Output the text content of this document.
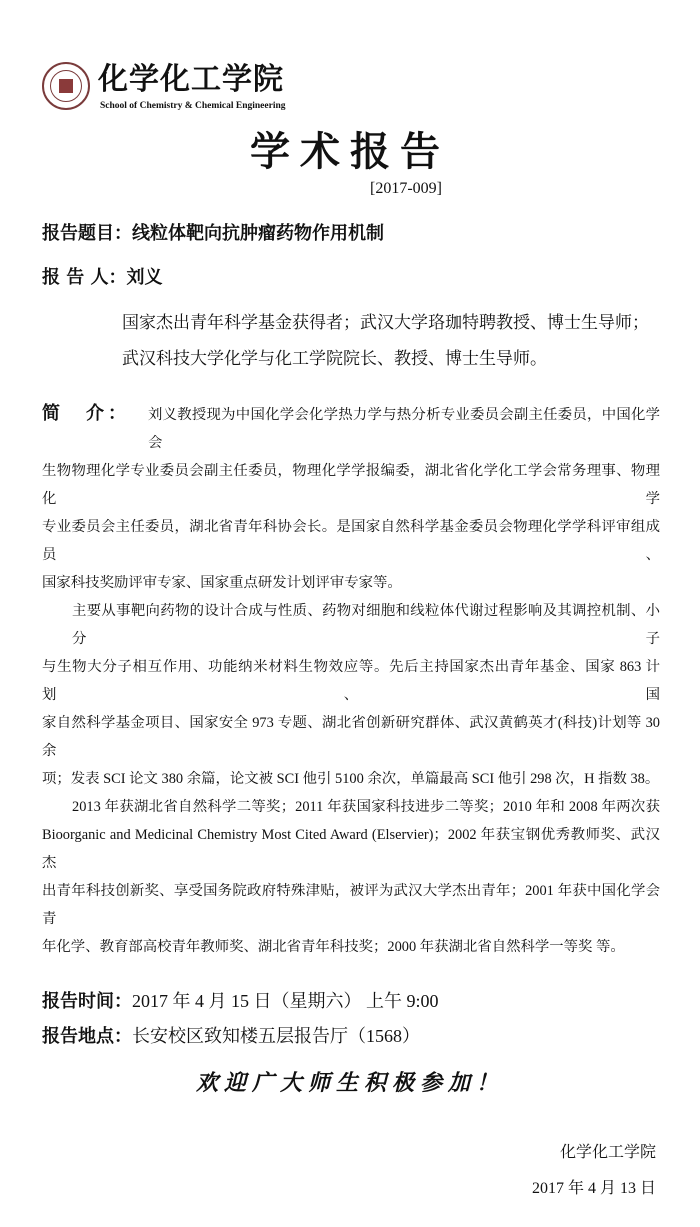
化学化工学院
School of Chemistry & Chemical Engineering
学术报告
[2017-009]
报告题目：线粒体靶向抗肿瘤药物作用机制
报 告 人：刘义
国家杰出青年科学基金获得者；武汉大学珞珈特聘教授、博士生导师；
武汉科技大学化学与化工学院院长、教授、博士生导师。
简　介：	刘义教授现为中国化学会化学热力学与热分析专业委员会副主任委员，中国化学会
生物物理化学专业委员会副主任委员，物理化学学报编委，湖北省化学化工学会常务理事、物理化学
专业委员会主任委员，湖北省青年科协会长。是国家自然科学基金委员会物理化学学科评审组成员、
国家科技奖励评审专家、国家重点研发计划评审专家等。
主要从事靶向药物的设计合成与性质、药物对细胞和线粒体代谢过程影响及其调控机制、小分子
与生物大分子相互作用、功能纳米材料生物效应等。先后主持国家杰出青年基金、国家 863 计划、国
家自然科学基金项目、国家安全 973 专题、湖北省创新研究群体、武汉黄鹤英才(科技)计划等 30 余
项；发表 SCI 论文 380 余篇，论文被 SCI 他引 5100 余次，单篇最高 SCI 他引 298 次，H 指数 38。
2013 年获湖北省自然科学二等奖；2011 年获国家科技进步二等奖；2010 年和 2008 年两次获
Bioorganic and Medicinal Chemistry Most Cited Award (Elservier)；2002 年获宝钢优秀教师奖、武汉杰
出青年科技创新奖、享受国务院政府特殊津贴，被评为武汉大学杰出青年；2001 年获中国化学会青
年化学、教育部高校青年教师奖、湖北省青年科技奖；2000 年获湖北省自然科学一等奖 等。
报告时间：2017 年 4 月 15 日（星期六） 上午 9:00
报告地点：长安校区致知楼五层报告厅（1568）
欢迎广大师生积极参加！
化学化工学院
2017 年 4 月 13 日
